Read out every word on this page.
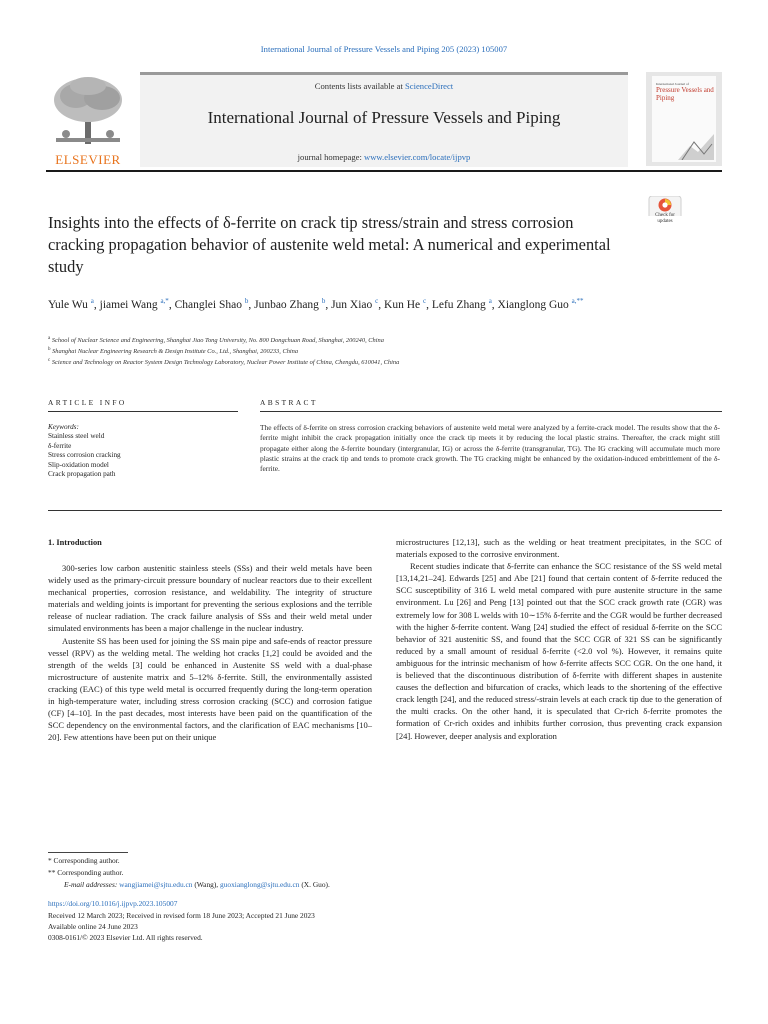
International Journal of Pressure Vessels and Piping 205 (2023) 105007
ELSEVIER
Contents lists available at ScienceDirect
International Journal of Pressure Vessels and Piping
journal homepage: www.elsevier.com/locate/ijpvp
International Journal of
Pressure Vessels and Piping
Check for updates
Insights into the effects of δ-ferrite on crack tip stress/strain and stress corrosion cracking propagation behavior of austenite weld metal: A numerical and experimental study
Yule Wu $^a$, jiamei Wang $^{a,*}$, Changlei Shao $^b$, Junbao Zhang $^b$, Jun Xiao $^c$, Kun He $^c$, Lefu Zhang $^a$, Xianglong Guo $^{a,**}$
$^a$ School of Nuclear Science and Engineering, Shanghai Jiao Tong University, No. 800 Dongchuan Road, Shanghai, 200240, China
$^b$ Shanghai Nuclear Engineering Research & Design Institute Co., Ltd., Shanghai, 200233, China
$^c$ Science and Technology on Reactor System Design Technology Laboratory, Nuclear Power Institute of China, Chengdu, 610041, China
ARTICLE INFO	ABSTRACT
Keywords:
Stainless steel weld
δ-ferrite
Stress corrosion cracking
Slip-oxidation model
Crack propagation path
The effects of δ-ferrite on stress corrosion cracking behaviors of austenite weld metal were analyzed by a ferrite-crack model. The results show that the δ-ferrite might inhibit the crack propagation initially once the crack tip meets it by reducing the local plastic strains. Thereafter, the crack might still propagate either along the δ-ferrite boundary (intergranular, IG) or across the δ-ferrite (transgranular, TG). The IG cracking will accumulate much more plastic strains at the crack tip and tends to promote crack growth. The TG cracking might be enhanced by the oxidation-induced embrittlement of the δ-ferrite.
1. Introduction

300-series low carbon austenitic stainless steels (SSs) and their weld metals have been widely used as the primary-circuit pressure boundary of nuclear reactors due to their excellent mechanical properties, corrosion resistance, and weldability. The integrity of structure materials and welding joints is important for preventing the serious explosions and the terrible release of nuclear radiation. The crack failure analysis of SSs and their weld metal under simulated environments has been a major challenge in the nuclear industry.

Austenite SS has been used for joining the SS main pipe and safe-ends of reactor pressure vessel (RPV) as the welding metal. The welding hot cracks [1,2] could be avoided and the strength of the welds [3] could be enhanced in Austenite SS weld with a dual-phase microstructure of austenite matrix and 5–12% δ-ferrite. Still, the environmentally assisted cracking (EAC) of this type weld metal is occurred frequently during the long-term operation in high-temperature water, including stress corrosion cracking (SCC) and corrosion fatigue (CF) [4–10]. In the past decades, most interests have been paid on the quantification of the SCC dependency on the environmental factors, and the clarification of EAC mechanisms [10–20]. Few attentions have been put on their unique

microstructures [12,13], such as the welding or heat treatment precipitates, in the SCC of materials exposed to the corrosive environment.

Recent studies indicate that δ-ferrite can enhance the SCC resistance of the SS weld metal [13,14,21–24]. Edwards [25] and Abe [21] found that certain content of δ-ferrite reduced the SCC susceptibility of 316 L weld metal compared with pure austenite structure in the same environment. Lu [26] and Peng [13] pointed out that the SCC crack growth rate (CGR) was extremely low for 308 L welds with 10∼15% δ-ferrite and the CGR would be further decreased with the higher δ-ferrite content. Wang [24] studied the effect of residual δ-ferrite on the SCC behavior of 321 austenitic SS, and found that the SCC CGR of 321 SS can be significantly reduced by a small amount of residual δ-ferrite (<2.0 vol %). However, it remains quite ambiguous for the intrinsic mechanism of how δ-ferrite affects SCC CGR. On the one hand, it is believed that the discontinuous distribution of δ-ferrite with different shapes in austenite causes the deflection and bifurcation of cracks, which leads to the shortening of the effective crack length [24], and the reduced stress/-strain levels at each crack tip due to the generation of the multi cracks. On the other hand, it is speculated that Cr-rich δ-ferrite promotes the formation of Cr-rich oxides and inhibits further corrosion, thus preventing crack expansion [24]. However, deeper analysis and exploration

* Corresponding author.
** Corresponding author.
E-mail addresses: wangjiamei@sjtu.edu.cn (Wang), guoxianglong@sjtu.edu.cn (X. Guo).
https://doi.org/10.1016/j.ijpvp.2023.105007
Received 12 March 2023; Received in revised form 18 June 2023; Accepted 21 June 2023
Available online 24 June 2023
0308-0161/© 2023 Elsevier Ltd. All rights reserved.
